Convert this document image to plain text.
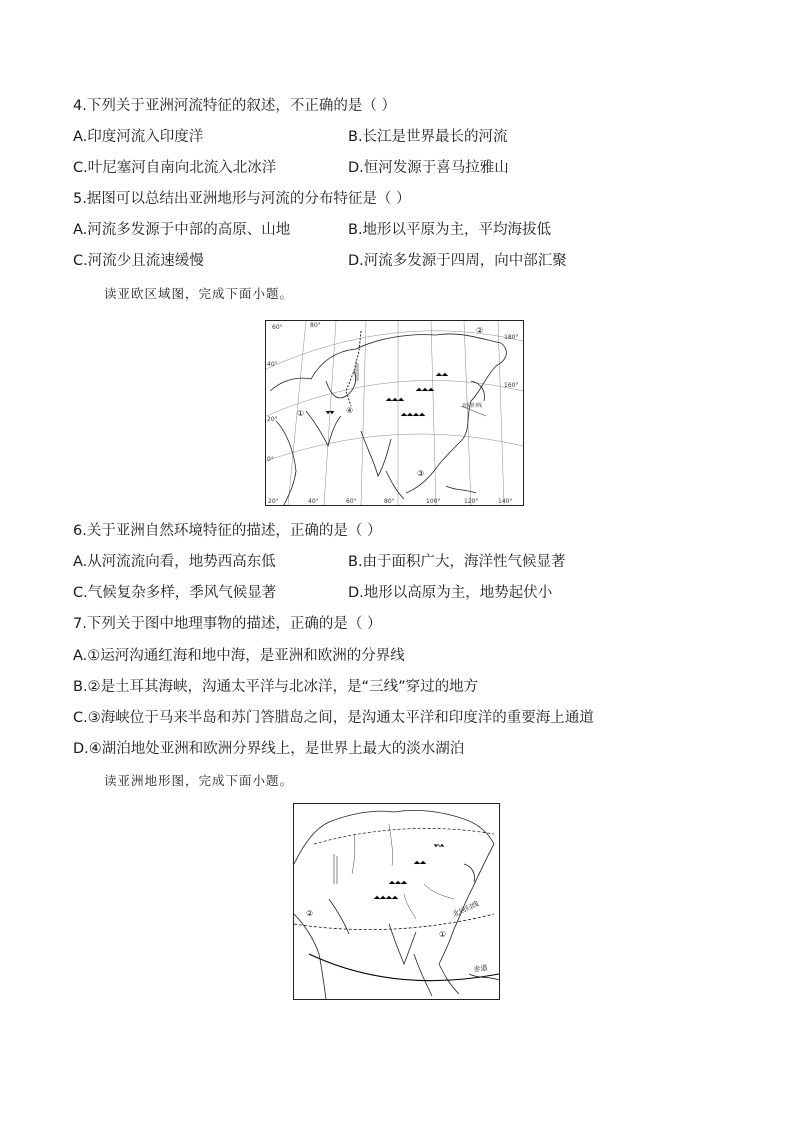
4.下列关于亚洲河流特征的叙述，不正确的是（ ）
A.印度河流入印度洋	B.长江是世界最长的河流
C.叶尼塞河自南向北流入北冰洋	D.恒河发源于喜马拉雅山
5.据图可以总结出亚洲地形与河流的分布特征是（ ）
A.河流多发源于中部的高原、山地	B.地形以平原为主，平均海拔低
C.河流少且流速缓慢	D.河流多发源于四周，向中部汇聚
读亚欧区域图，完成下面小题。
北回归线
60°	80°
180°
160°
40°
20°
0°
20°	40°	60°	80°	100°	120°	140°
①
②
③
④
6.关于亚洲自然环境特征的描述，正确的是（ ）
A.从河流流向看，地势西高东低	B.由于面积广大，海洋性气候显著
C.气候复杂多样，季风气候显著	D.地形以高原为主，地势起伏小
7.下列关于图中地理事物的描述，正确的是（ ）
A.①运河沟通红海和地中海，是亚洲和欧洲的分界线
B.②是土耳其海峡，沟通太平洋与北冰洋，是“三线”穿过的地方
C.③海峡位于马来半岛和苏门答腊岛之间，是沟通太平洋和印度洋的重要海上通道
D.④湖泊地处亚洲和欧洲分界线上，是世界上最大的淡水湖泊
读亚洲地形图，完成下面小题。
北回归线
赤道
①
②
